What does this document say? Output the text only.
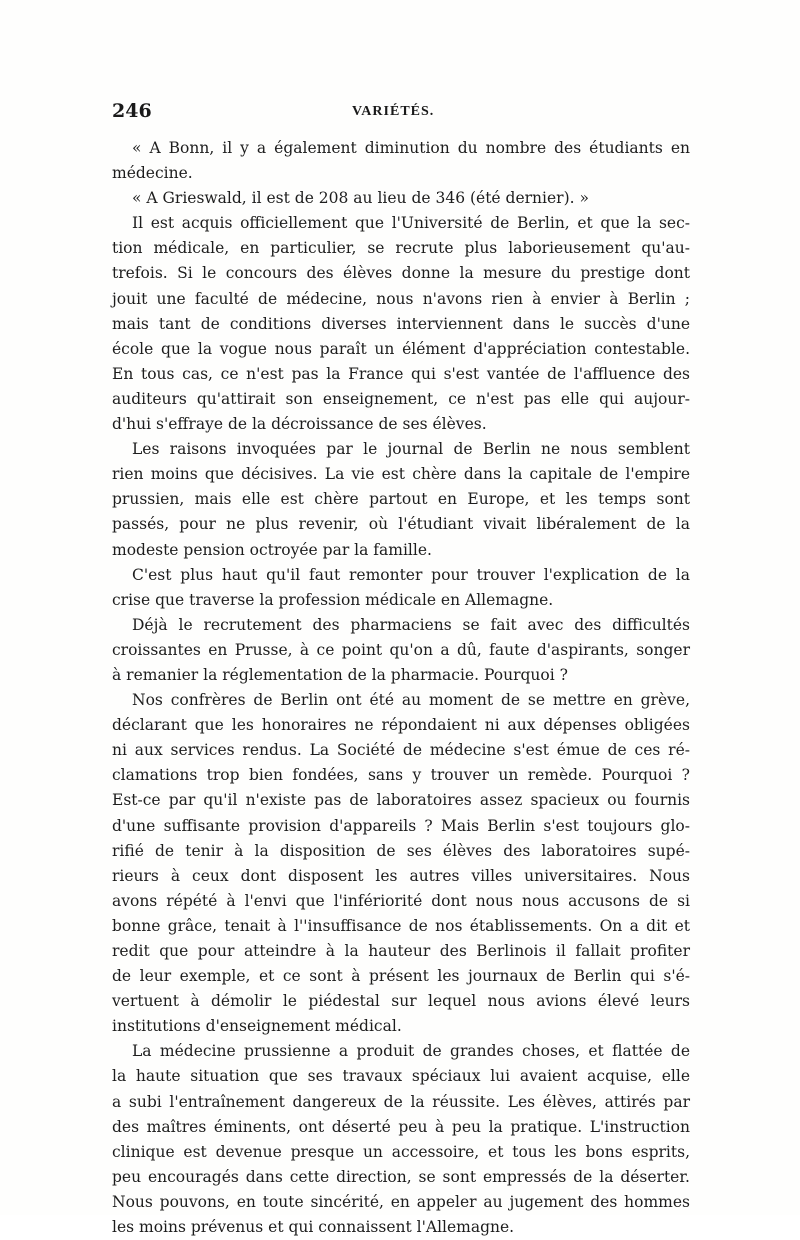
246	VARIÉTÉS.
« A Bonn, il y a également diminution du nombre des étudiants en
médecine.
« A Grieswald, il est de 208 au lieu de 346 (été dernier). »
Il est acquis officiellement que l'Université de Berlin, et que la sec-
tion médicale, en particulier, se recrute plus laborieusement qu'au-
trefois. Si le concours des élèves donne la mesure du prestige dont
jouit une faculté de médecine, nous n'avons rien à envier à Berlin ;
mais tant de conditions diverses interviennent dans le succès d'une
école que la vogue nous paraît un élément d'appréciation contestable.
En tous cas, ce n'est pas la France qui s'est vantée de l'affluence des
auditeurs qu'attirait son enseignement, ce n'est pas elle qui aujour-
d'hui s'effraye de la décroissance de ses élèves.
Les raisons invoquées par le journal de Berlin ne nous semblent
rien moins que décisives. La vie est chère dans la capitale de l'empire
prussien, mais elle est chère partout en Europe, et les temps sont
passés, pour ne plus revenir, où l'étudiant vivait libéralement de la
modeste pension octroyée par la famille.
C'est plus haut qu'il faut remonter pour trouver l'explication de la
crise que traverse la profession médicale en Allemagne.
Déjà le recrutement des pharmaciens se fait avec des difficultés
croissantes en Prusse, à ce point qu'on a dû, faute d'aspirants, songer
à remanier la réglementation de la pharmacie. Pourquoi ?
Nos confrères de Berlin ont été au moment de se mettre en grève,
déclarant que les honoraires ne répondaient ni aux dépenses obligées
ni aux services rendus. La Société de médecine s'est émue de ces ré-
clamations trop bien fondées, sans y trouver un remède. Pourquoi ?
Est-ce par qu'il n'existe pas de laboratoires assez spacieux ou fournis
d'une suffisante provision d'appareils ? Mais Berlin s'est toujours glo-
rifié de tenir à la disposition de ses élèves des laboratoires supé-
rieurs à ceux dont disposent les autres villes universitaires. Nous
avons répété à l'envi que l'infériorité dont nous nous accusons de si
bonne grâce, tenait à l''insuffisance de nos établissements. On a dit et
redit que pour atteindre à la hauteur des Berlinois il fallait profiter
de leur exemple, et ce sont à présent les journaux de Berlin qui s'é-
vertuent à démolir le piédestal sur lequel nous avions élevé leurs
institutions d'enseignement médical.
La médecine prussienne a produit de grandes choses, et flattée de
la haute situation que ses travaux spéciaux lui avaient acquise, elle
a subi l'entraînement dangereux de la réussite. Les élèves, attirés par
des maîtres éminents, ont déserté peu à peu la pratique. L'instruction
clinique est devenue presque un accessoire, et tous les bons esprits,
peu encouragés dans cette direction, se sont empressés de la déserter.
Nous pouvons, en toute sincérité, en appeler au jugement des hommes
les moins prévenus et qui connaissent l'Allemagne.
